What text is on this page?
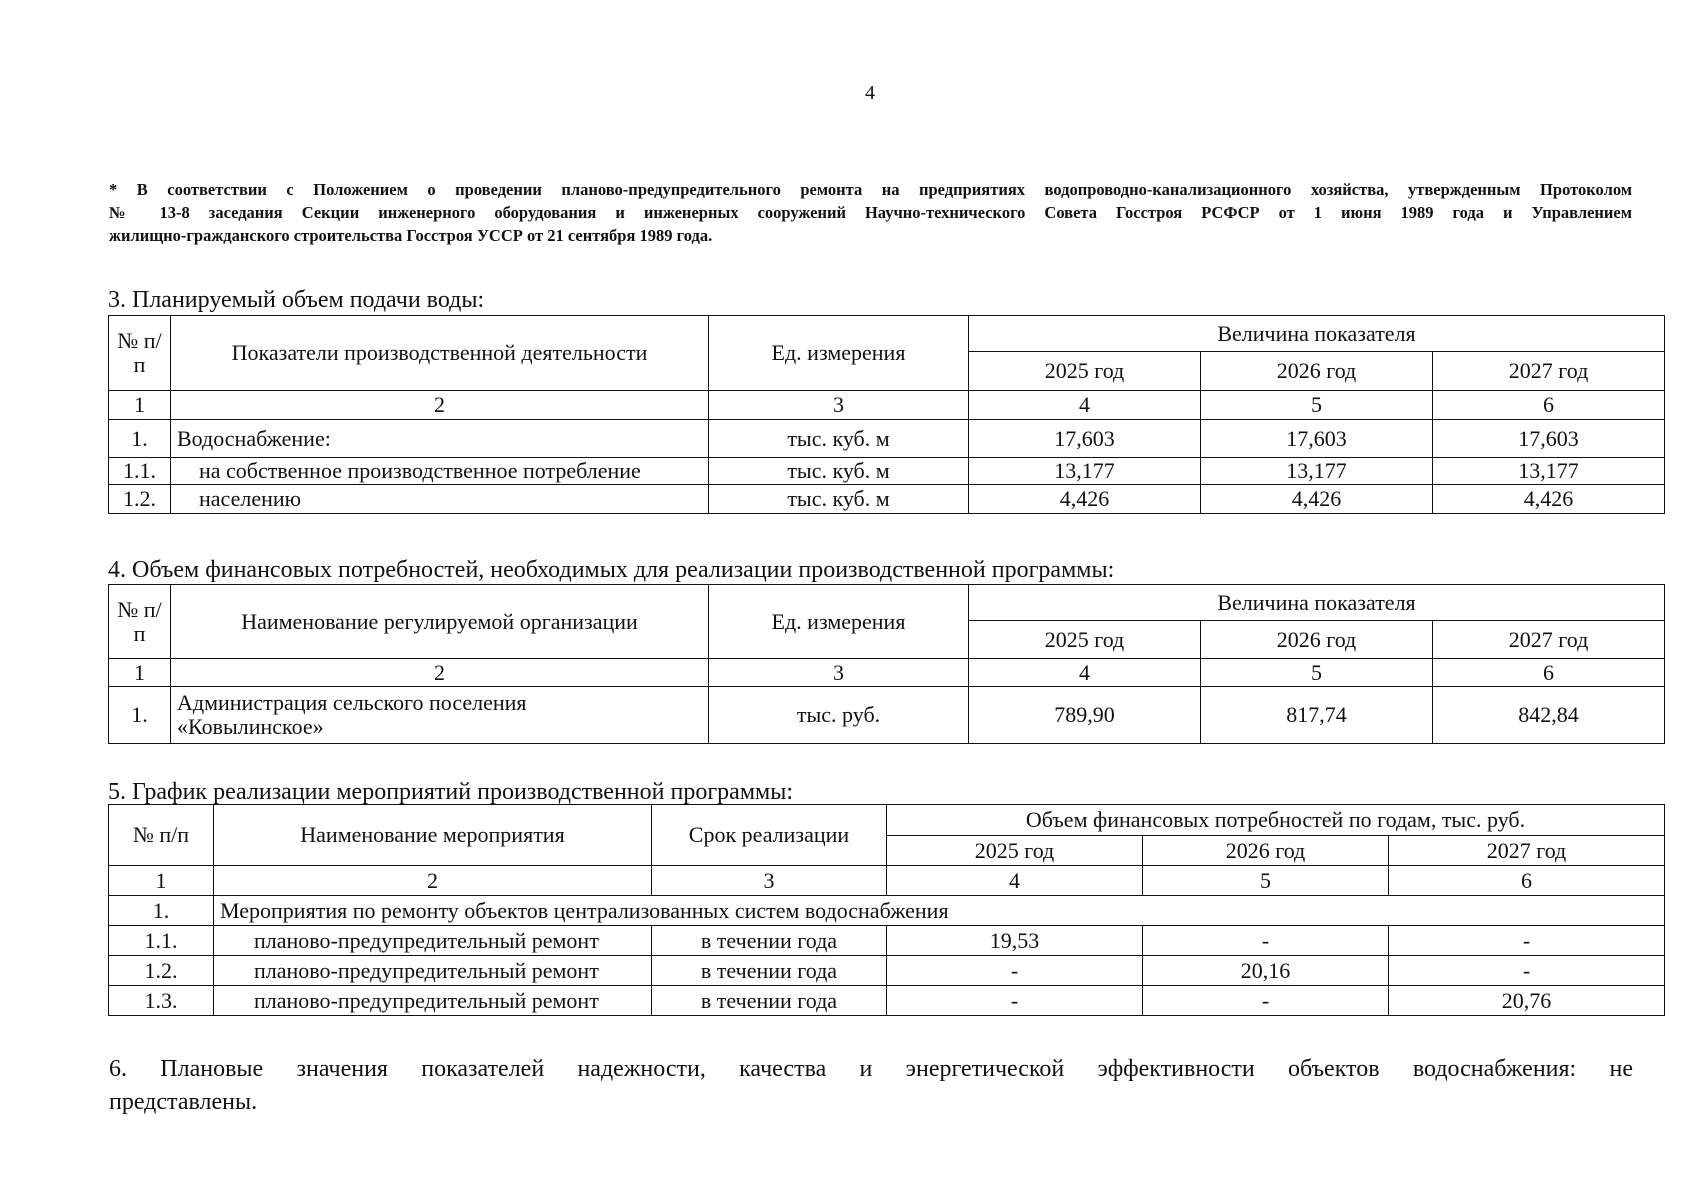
4
* В соответствии с Положением о проведении планово-предупредительного ремонта на предприятиях водопроводно-канализационного хозяйства, утвержденным Протоколом
№ 13-8 заседания Секции инженерного оборудования и инженерных сооружений Научно-технического Совета Госстроя РСФСР от 1 июня 1989 года и Управлением
жилищно-гражданского строительства Госстроя УССР от 21 сентября 1989 года.
3. Планируемый объем подачи воды:
№ п/п	Показатели производственной деятельности	Ед. измерения	Величина показателя		
			2025 год	2026 год	2027 год
1	2	3	4	5	6
1.	Водоснабжение:	тыс. куб. м	17,603	17,603	17,603
1.1.	на собственное производственное потребление	тыс. куб. м	13,177	13,177	13,177
1.2.	населению	тыс. куб. м	4,426	4,426	4,426
4. Объем финансовых потребностей, необходимых для реализации производственной программы:
№ п/п	Наименование регулируемой организации	Ед. измерения	Величина показателя		
			2025 год	2026 год	2027 год
1	2	3	4	5	6
1.	Администрация сельского поселения
«Ковылинское»	тыс. руб.	789,90	817,74	842,84
5. График реализации мероприятий производственной программы:
№ п/п	Наименование мероприятия	Срок реализации	Объем финансовых потребностей по годам, тыс. руб.		
			2025 год	2026 год	2027 год
1	2	3	4	5	6
1.	Мероприятия по ремонту объектов централизованных систем водоснабжения				
1.1.	планово-предупредительный ремонт	в течении года	19,53	-	-
1.2.	планово-предупредительный ремонт	в течении года	-	20,16	-
1.3.	планово-предупредительный ремонт	в течении года	-	-	20,76
6. Плановые значения показателей надежности, качества и энергетической эффективности объектов водоснабжения: не
представлены.
